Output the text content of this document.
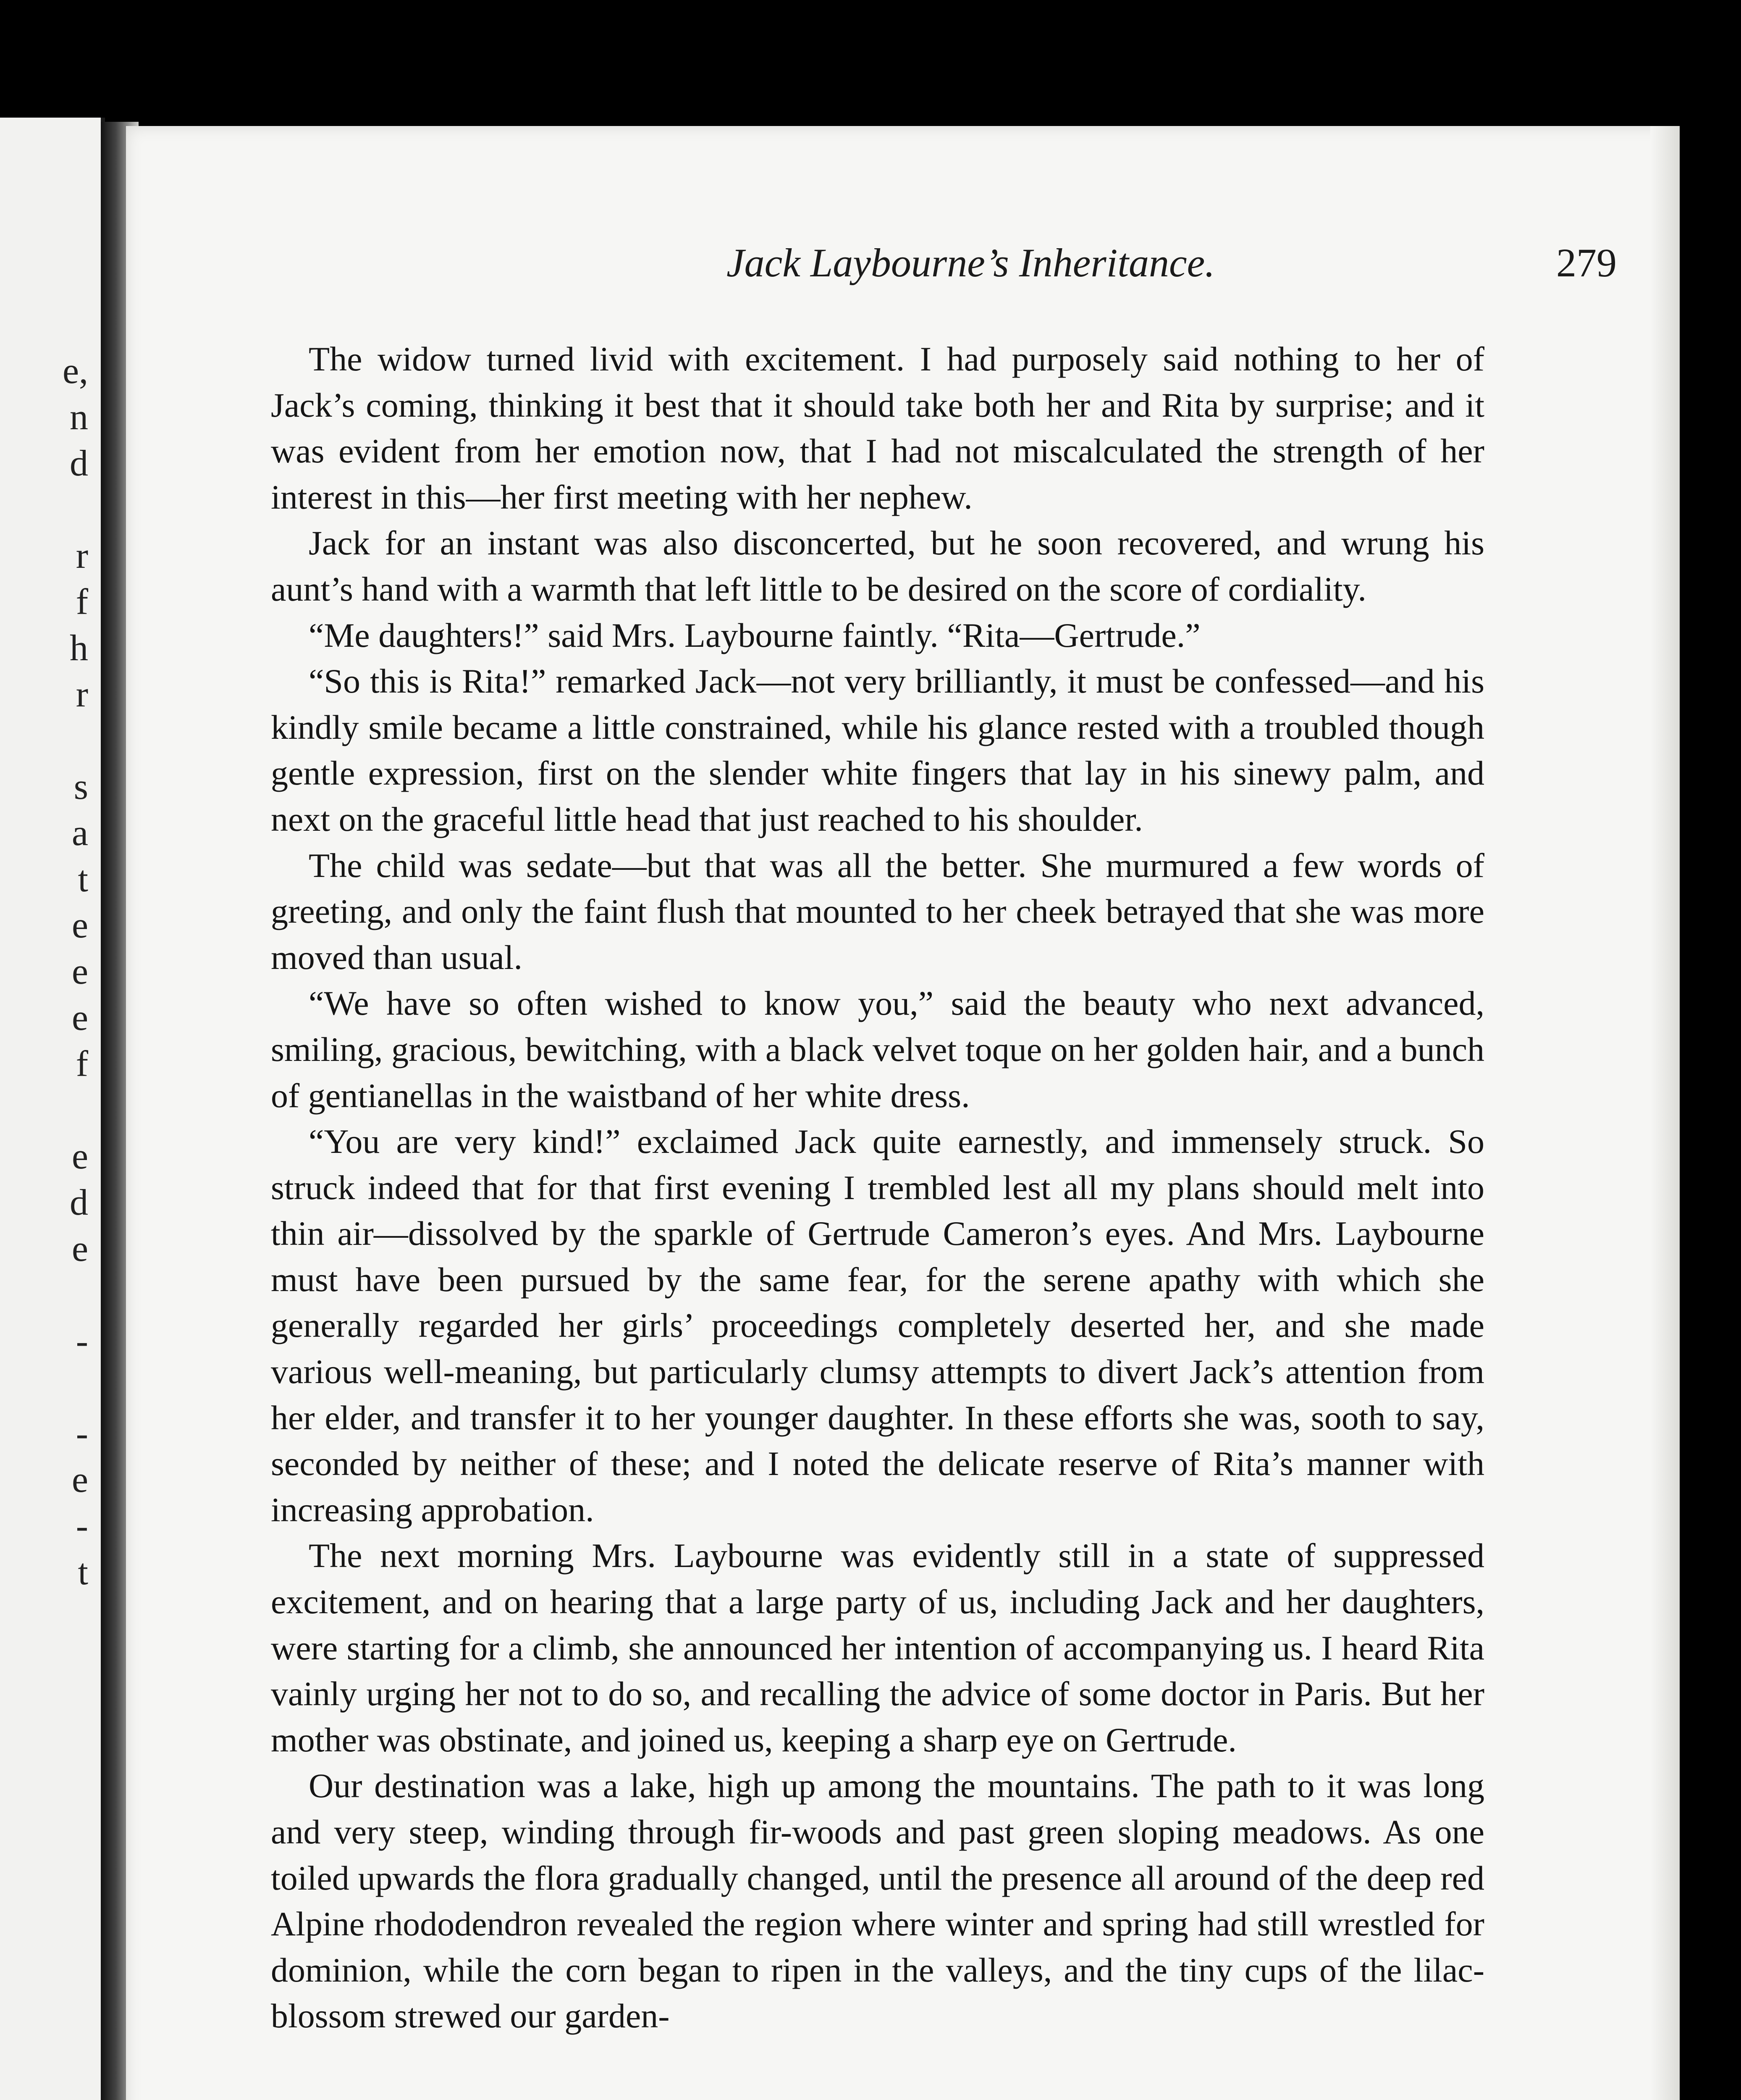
e,
n
d
r
f
h
r
s
a
t
e
e
e
f
e
d
e
-
-
e
-
t
Jack Laybourne’s Inheritance.	279

The widow turned livid with excitement. I had purposely said nothing to her of Jack’s coming, thinking it best that it should take both her and Rita by surprise; and it was evident from her emotion now, that I had not miscalculated the strength of her interest in this—her first meeting with her nephew.

Jack for an instant was also disconcerted, but he soon recovered, and wrung his aunt’s hand with a warmth that left little to be desired on the score of cordiality.

“Me daughters!” said Mrs. Laybourne faintly. “Rita—Gertrude.”

“So this is Rita!” remarked Jack—not very brilliantly, it must be confessed—and his kindly smile became a little constrained, while his glance rested with a troubled though gentle expression, first on the slender white fingers that lay in his sinewy palm, and next on the graceful little head that just reached to his shoulder.

The child was sedate—but that was all the better. She murmured a few words of greeting, and only the faint flush that mounted to her cheek betrayed that she was more moved than usual.

“We have so often wished to know you,” said the beauty who next advanced, smiling, gracious, bewitching, with a black velvet toque on her golden hair, and a bunch of gentianellas in the waistband of her white dress.

“You are very kind!” exclaimed Jack quite earnestly, and immensely struck. So struck indeed that for that first evening I trembled lest all my plans should melt into thin air—dissolved by the sparkle of Gertrude Cameron’s eyes. And Mrs. Laybourne must have been pursued by the same fear, for the serene apathy with which she generally regarded her girls’ proceedings completely deserted her, and she made various well-meaning, but particularly clumsy attempts to divert Jack’s attention from her elder, and transfer it to her younger daughter. In these efforts she was, sooth to say, seconded by neither of these; and I noted the delicate reserve of Rita’s manner with increasing approbation.

The next morning Mrs. Laybourne was evidently still in a state of suppressed excitement, and on hearing that a large party of us, including Jack and her daughters, were starting for a climb, she announced her intention of accompanying us. I heard Rita vainly urging her not to do so, and recalling the advice of some doctor in Paris. But her mother was obstinate, and joined us, keeping a sharp eye on Gertrude.

Our destination was a lake, high up among the mountains. The path to it was long and very steep, winding through fir-woods and past green sloping meadows. As one toiled upwards the flora gradually changed, until the presence all around of the deep red Alpine rhododendron revealed the region where winter and spring had still wrestled for dominion, while the corn began to ripen in the valleys, and the tiny cups of the lilac-blossom strewed our garden-
